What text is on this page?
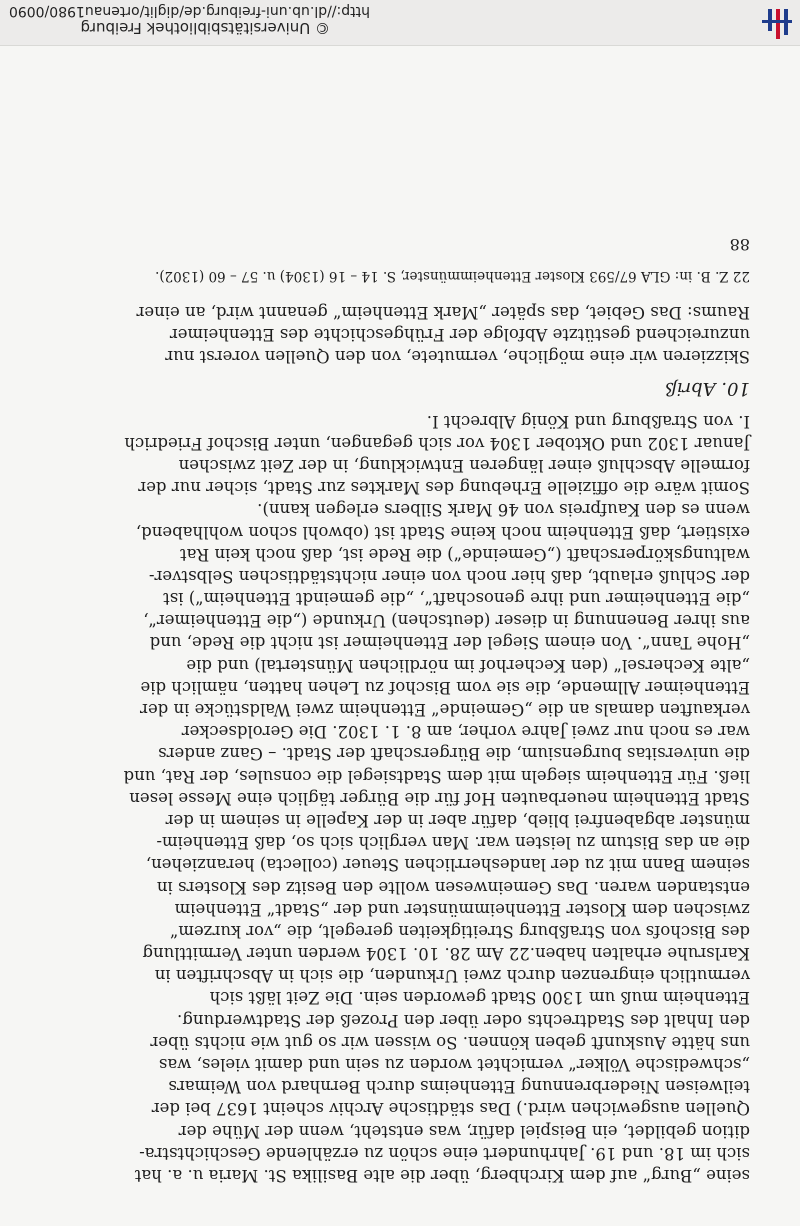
seine „Burg“ auf dem Kirchberg, über die alte Basilika St. Maria u. a. hat
sich im 18. und 19. Jahrhundert eine schön zu erzählende Geschichtstra-
dition gebildet, ein Beispiel dafür, was entsteht, wenn der Mühe der
Quellen ausgewichen wird.) Das städtische Archiv scheint 1637 bei der
teilweisen Niederbrennung Ettenheims durch Bernhard von Weimars
„schwedische Völker“ vernichtet worden zu sein und damit vieles, was
uns hätte Auskunft geben können. So wissen wir so gut wie nichts über
den Inhalt des Stadtrechts oder über den Prozeß der Stadtwerdung.
Ettenheim muß um 1300 Stadt geworden sein. Die Zeit läßt sich
vermutlich eingrenzen durch zwei Urkunden, die sich in Abschriften in
Karlsruhe erhalten haben.22 Am 28. 10. 1304 werden unter Vermittlung
des Bischofs von Straßburg Streitigkeiten geregelt, die „vor kurzem“
zwischen dem Kloster Ettenheimmünster und der „Stadt“ Ettenheim
entstanden waren. Das Gemeinwesen wollte den Besitz des Klosters in
seinem Bann mit zu der landesherrlichen Steuer (collecta) heranziehen,
die an das Bistum zu leisten war. Man verglich sich so, daß Ettenheim-
münster abgabenfrei blieb, dafür aber in der Kapelle in seinem in der
Stadt Ettenheim neuerbauten Hof für die Bürger täglich eine Messe lesen
ließ. Für Ettenheim siegeln mit dem Stadtsiegel die consules, der Rat, und
die universitas burgensium, die Bürgerschaft der Stadt. – Ganz anders
war es noch nur zwei Jahre vorher, am 8. 1. 1302. Die Geroldsecker
verkauften damals an die „Gemeinde“ Ettenheim zwei Waldstücke in der
Ettenheimer Allmende, die sie vom Bischof zu Lehen hatten, nämlich die
„alte Kechersel“ (den Kecherhof im nördlichen Münstertal) und die
„Hohe Tann“. Von einem Siegel der Ettenheimer ist nicht die Rede, und
aus ihrer Benennung in dieser (deutschen) Urkunde („die Ettenheimer“,
„die Ettenheimer und ihre genoschaft“, „die gemeindt Ettenheim“) ist
der Schluß erlaubt, daß hier noch von einer nichtstädtischen Selbstver-
waltungskörperschaft („Gemeinde“) die Rede ist, daß noch kein Rat
existiert, daß Ettenheim noch keine Stadt ist (obwohl schon wohlhabend,
wenn es den Kaufpreis von 46 Mark Silbers erlegen kann).
Somit wäre die offizielle Erhebung des Marktes zur Stadt, sicher nur der
formelle Abschluß einer längeren Entwicklung, in der Zeit zwischen
Januar 1302 und Oktober 1304 vor sich gegangen, unter Bischof Friedrich
I. von Straßburg und König Albrecht I.
10. Abriß
Skizzieren wir eine mögliche, vermutete, von den Quellen vorerst nur
unzureichend gestützte Abfolge der Frühgeschichte des Ettenheimer
Raums: Das Gebiet, das später „Mark Ettenheim“ genannt wird, an einer
22 Z. B. in: GLA 67/593 Kloster Ettenheimmünster, S. 14 – 16 (1304) u. 57 – 60 (1302).
88
© Universitätsbibliothek Freiburg
http://dl.ub.uni-freiburg.de/diglit/ortenau1980/0090
